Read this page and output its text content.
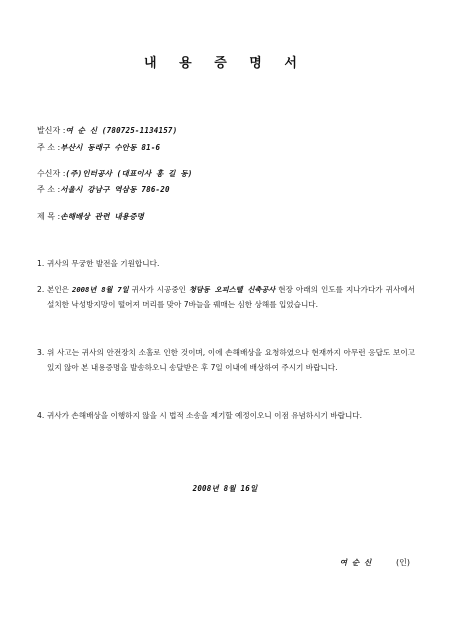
내 용 증 명 서
발신자 :여 순 신 (780725-1134157)
주 소 :부산시 동래구 수안동 81-6
수신자 :(주)인터공사 (대표이사 홍 길 동)
주 소 :서울시 강남구 역삼동 786-20
제 목 :손해배상 관련 내용증명
1. 귀사의 무궁한 발전을 기원합니다.
2. 본인은 2008년 8월 7일 귀사가 시공중인 청담동 오피스텔 신축공사 현장 아래의 인도를 지나가다가 귀사에서 설치한 낙성방지망이 떨어져 머리를 맞아 7바늘을 꿰매는 심한 상해를 입었습니다.
3. 위 사고는 귀사의 안전장치 소홀로 인한 것이며, 이에 손해배상을 요청하였으나 현재까지 아무런 응답도 보이고 있지 않아 본 내용증명을 발송하오니 송달받은 후 7일 이내에 배상하여 주시기 바랍니다.
4. 귀사가 손해배상을 이행하지 않을 시 법적 소송을 제기할 예정이오니 이점 유념하시기 바랍니다.
2008년 8월 16일
여 순 신	(인)
